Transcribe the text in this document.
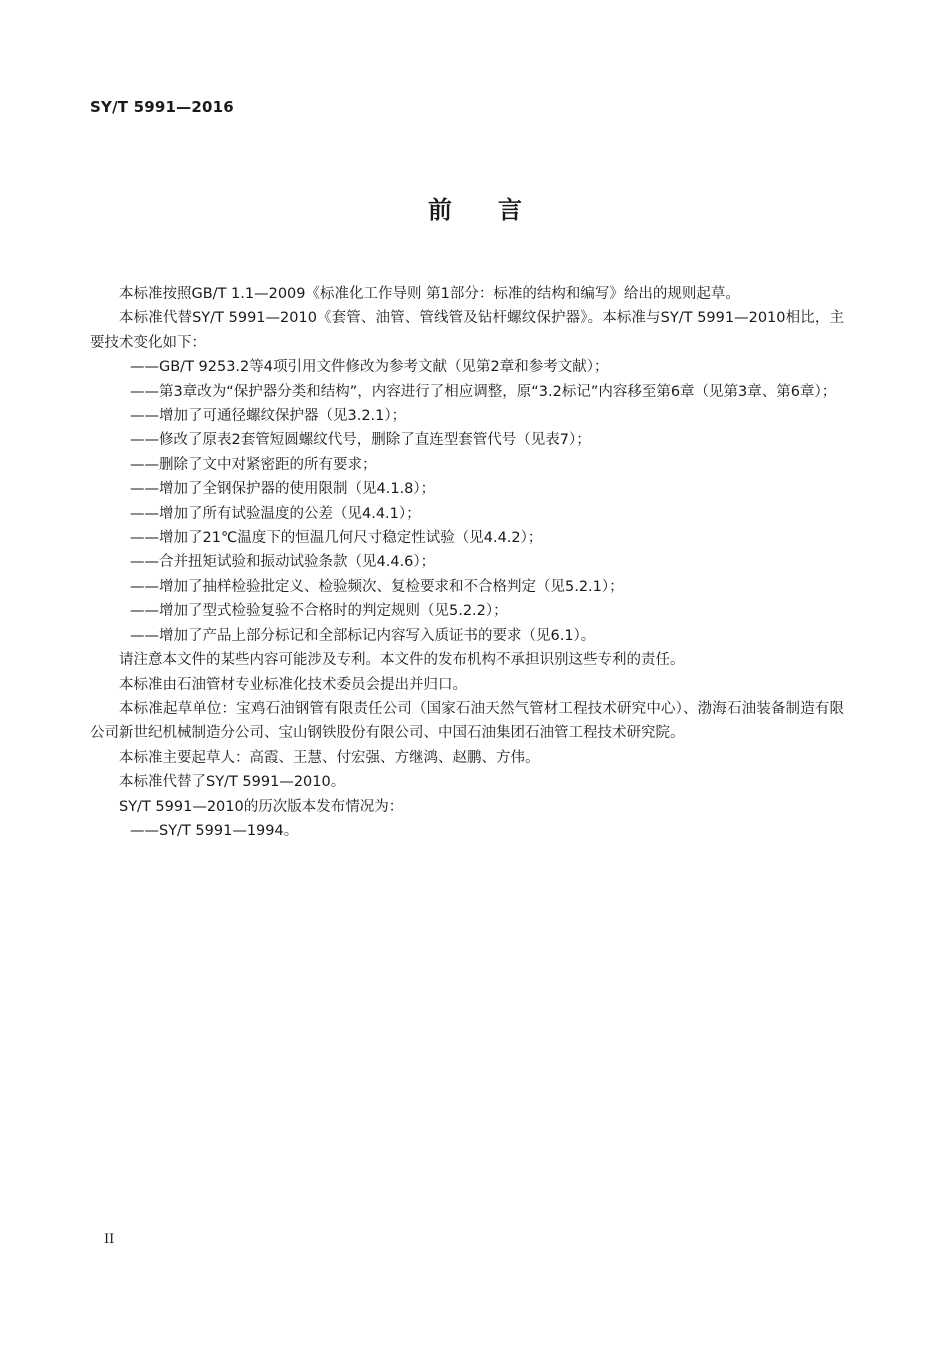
SY/T 5991—2016
前言

本标准按照GB/T 1.1—2009《标准化工作导则 第1部分：标准的结构和编写》给出的规则起草。

本标准代替SY/T 5991—2010《套管、油管、管线管及钻杆螺纹保护器》。本标准与SY/T 5991—2010相比，主要技术变化如下：

——GB/T 9253.2等4项引用文件修改为参考文献（见第2章和参考文献）；

——第3章改为“保护器分类和结构”，内容进行了相应调整，原“3.2标记”内容移至第6章（见第3章、第6章）；

——增加了可通径螺纹保护器（见3.2.1）；

——修改了原表2套管短圆螺纹代号，删除了直连型套管代号（见表7）；

——删除了文中对紧密距的所有要求；

——增加了全钢保护器的使用限制（见4.1.8）；

——增加了所有试验温度的公差（见4.4.1）；

——增加了21℃温度下的恒温几何尺寸稳定性试验（见4.4.2）；

——合并扭矩试验和振动试验条款（见4.4.6）；

——增加了抽样检验批定义、检验频次、复检要求和不合格判定（见5.2.1）；

——增加了型式检验复验不合格时的判定规则（见5.2.2）；

——增加了产品上部分标记和全部标记内容写入质证书的要求（见6.1）。

请注意本文件的某些内容可能涉及专利。本文件的发布机构不承担识别这些专利的责任。

本标准由石油管材专业标准化技术委员会提出并归口。

本标准起草单位：宝鸡石油钢管有限责任公司（国家石油天然气管材工程技术研究中心）、渤海石油装备制造有限公司新世纪机械制造分公司、宝山钢铁股份有限公司、中国石油集团石油管工程技术研究院。

本标准主要起草人：高霞、王慧、付宏强、方继鸿、赵鹏、方伟。

本标准代替了SY/T 5991—2010。

SY/T 5991—2010的历次版本发布情况为：

——SY/T 5991—1994。

II
